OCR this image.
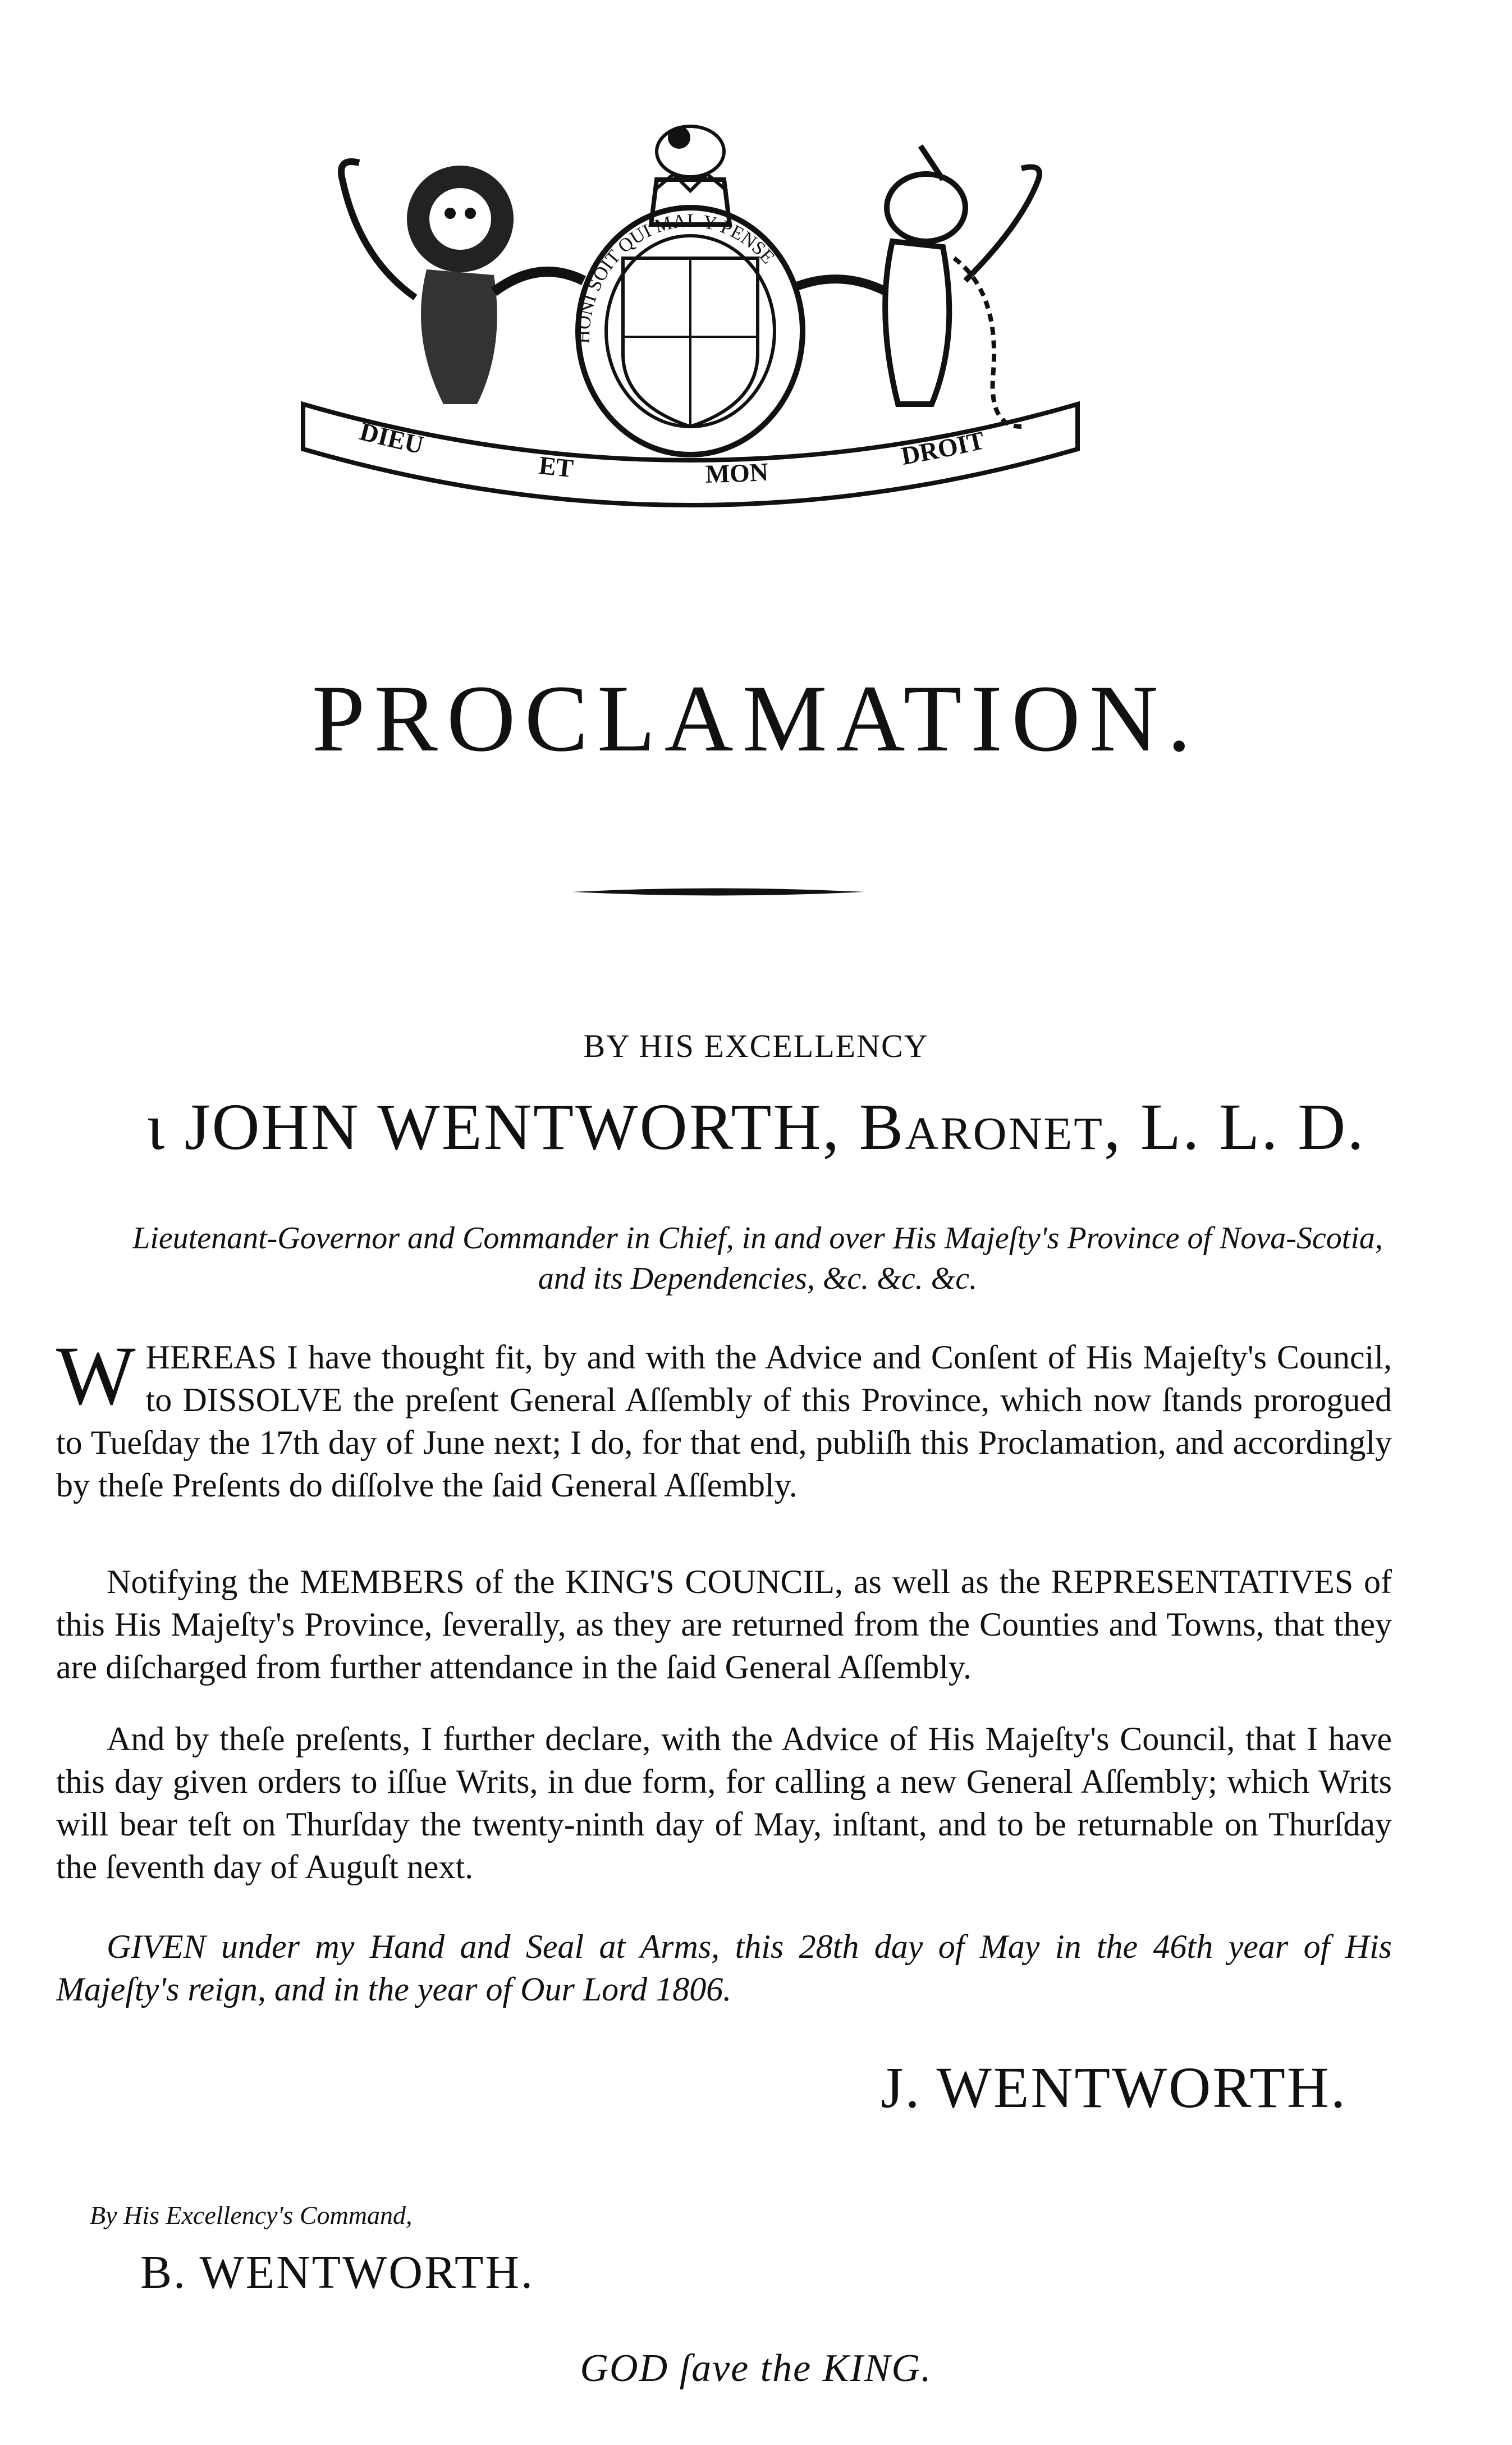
HONI SOIT QUI MAL Y PENSE
DIEU
ET	MON
DROIT
PROCLAMATION.
BY HIS EXCELLENCY
ɩ JOHN WENTWORTH, Baronet, L. L. D.
Lieutenant-Governor and Commander in Chief, in and over His Majeſty's Province of Nova-Scotia,
and its Dependencies, &c. &c. &c.
W HEREAS I have thought fit, by and with the Advice and Conſent of His Majeſty's Council, to DISSOLVE the preſent General Aſſembly of this Province, which now ſtands prorogued to Tueſday the 17th day of June next; I do, for that end, publiſh this Proclamation, and accordingly by theſe Preſents do diſſolve the ſaid General Aſſembly.

Notifying the MEMBERS of the KING'S COUNCIL, as well as the REPRESENTATIVES of this His Majeſty's Province, ſeverally, as they are returned from the Counties and Towns, that they are diſcharged from further attendance in the ſaid General Aſſembly.

And by theſe preſents, I further declare, with the Advice of His Majeſty's Council, that I have this day given orders to iſſue Writs, in due form, for calling a new General Aſſembly; which Writs will bear teſt on Thurſday the twenty-ninth day of May, inſtant, and to be returnable on Thurſday the ſeventh day of Auguſt next.

GIVEN under my Hand and Seal at Arms, this 28th day of May in the 46th year of His Majeſty's reign, and in the year of Our Lord 1806.

J. WENTWORTH.
By His Excellency's Command,
B. WENTWORTH.
GOD ſave the KING.
